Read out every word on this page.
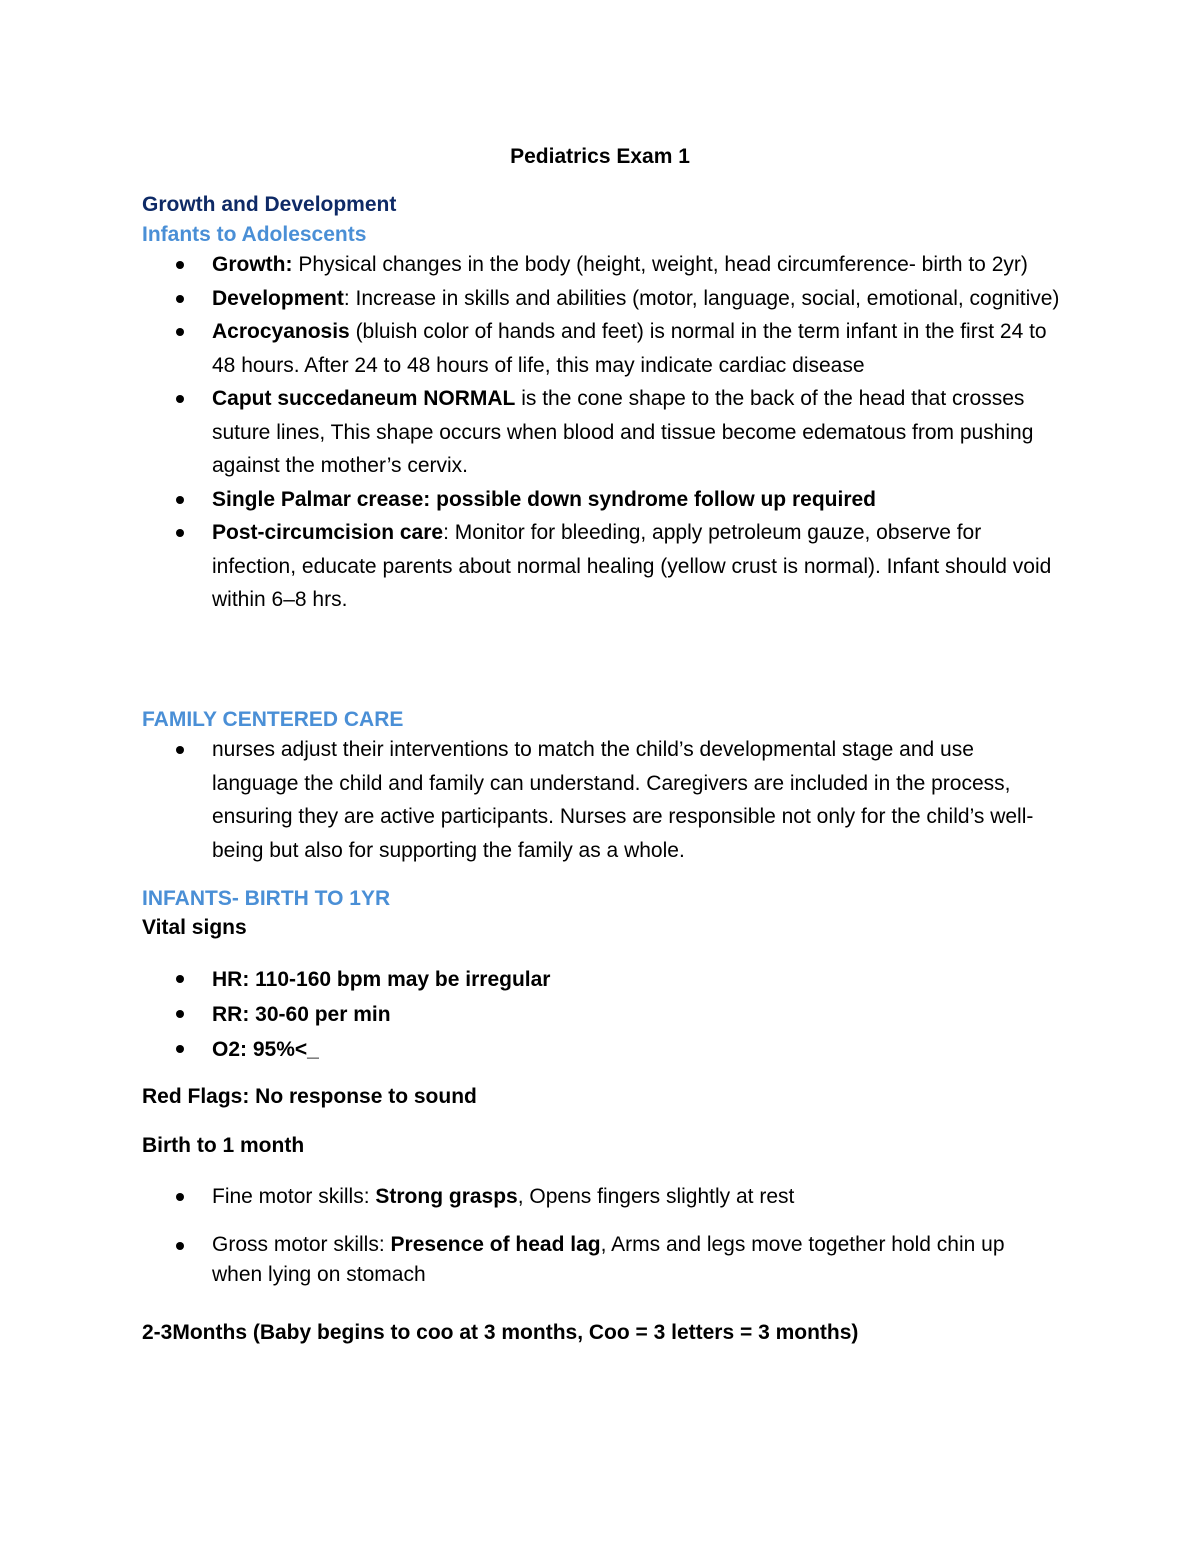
Pediatrics Exam 1
Growth and Development
Infants to Adolescents
Growth: Physical changes in the body (height, weight, head circumference- birth to 2yr)
Development: Increase in skills and abilities (motor, language, social, emotional, cognitive)
Acrocyanosis (bluish color of hands and feet) is normal in the term infant in the first 24 to 48 hours. After 24 to 48 hours of life, this may indicate cardiac disease
Caput succedaneum NORMAL is the cone shape to the back of the head that crosses suture lines, This shape occurs when blood and tissue become edematous from pushing against the mother’s cervix.
Single Palmar crease: possible down syndrome follow up required
Post-circumcision care: Monitor for bleeding, apply petroleum gauze, observe for infection, educate parents about normal healing (yellow crust is normal). Infant should void within 6–8 hrs.
FAMILY CENTERED CARE
nurses adjust their interventions to match the child’s developmental stage and use language the child and family can understand. Caregivers are included in the process, ensuring they are active participants. Nurses are responsible not only for the child’s well-being but also for supporting the family as a whole.
INFANTS- BIRTH TO 1YR
Vital signs
HR: 110-160 bpm may be irregular
RR: 30-60 per min
O2: 95%<_
Red Flags: No response to sound
Birth to 1 month
Fine motor skills: Strong grasps, Opens fingers slightly at rest
Gross motor skills: Presence of head lag, Arms and legs move together hold chin up when lying on stomach
2-3Months (Baby begins to coo at 3 months, Coo = 3 letters = 3 months)
